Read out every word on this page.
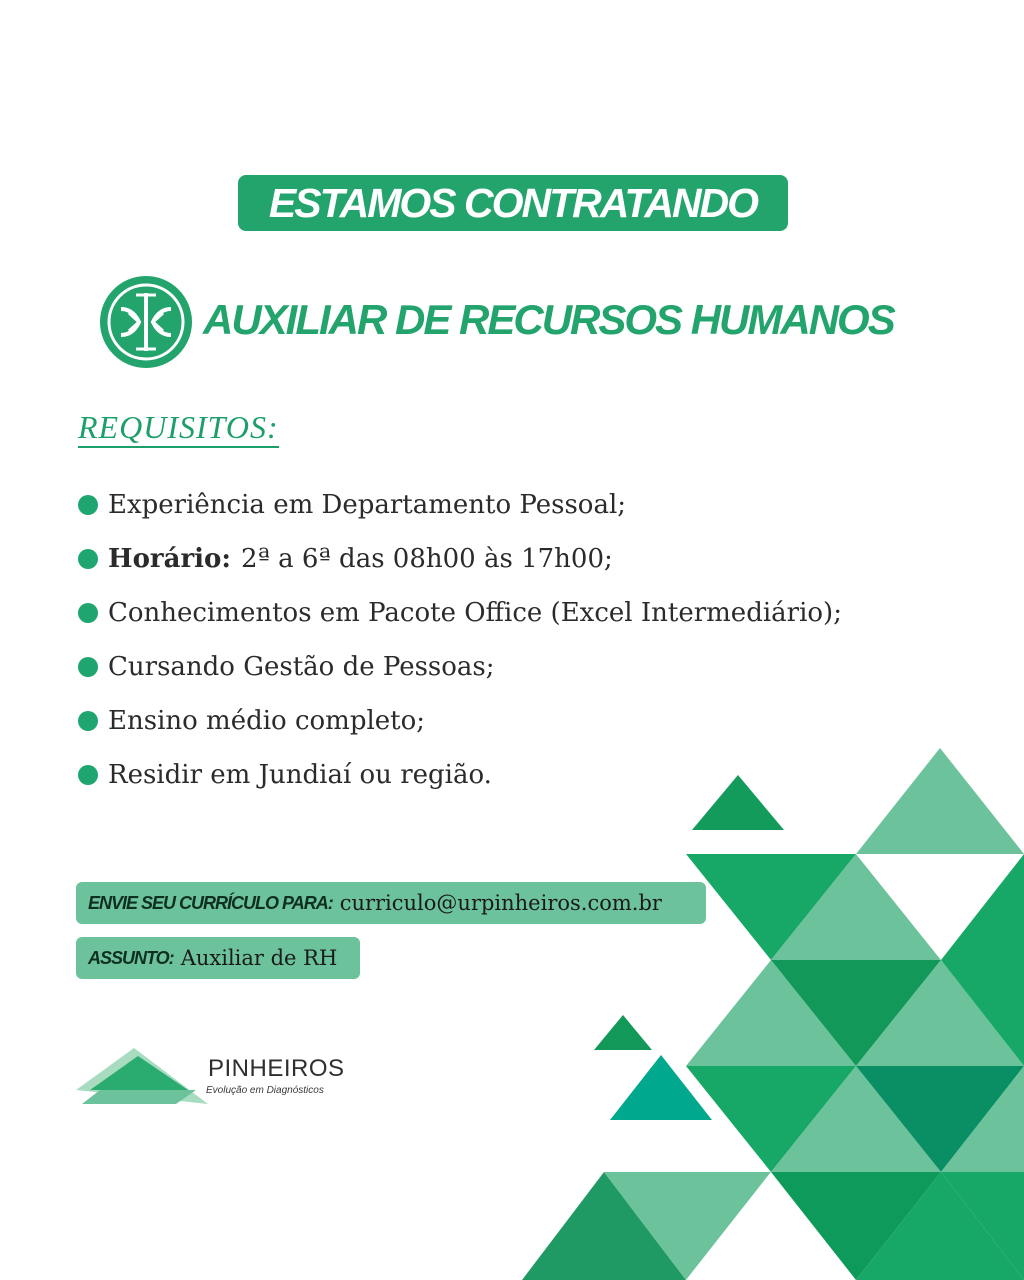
ESTAMOS CONTRATANDO
AUXILIAR DE RECURSOS HUMANOS
REQUISITOS:
Experiência em Departamento Pessoal;
Horário: 2ª a 6ª das 08h00 às 17h00;
Conhecimentos em Pacote Office (Excel Intermediário);
Cursando Gestão de Pessoas;
Ensino médio completo;
Residir em Jundiaí ou região.
ENVIE SEU CURRÍCULO PARA: curriculo@urpinheiros.com.br
ASSUNTO: Auxiliar de RH
PINHEIROS
Evolução em Diagnósticos
